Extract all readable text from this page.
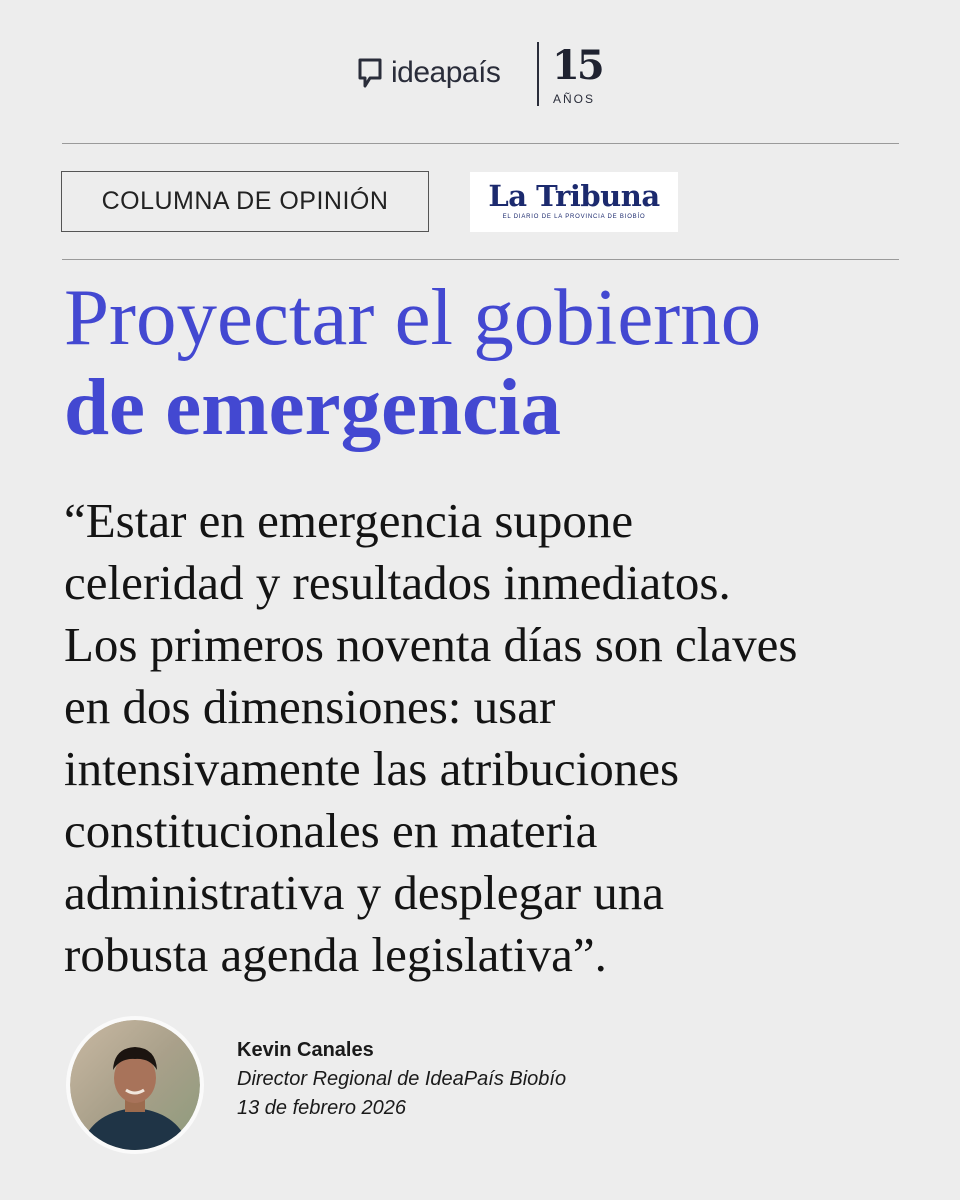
ideapaís 15
AÑOS
COLUMNA DE OPINIÓN	La Tribuna
EL DIARIO DE LA PROVINCIA DE BIOBÍO
Proyectar el gobierno
de emergencia

“Estar en emergencia supone
celeridad y resultados inmediatos.
Los primeros noventa días son claves
en dos dimensiones: usar
intensivamente las atribuciones
constitucionales en materia
administrativa y desplegar una
robusta agenda legislativa”.

Kevin Canales
Director Regional de IdeaPaís Biobío
13 de febrero 2026
